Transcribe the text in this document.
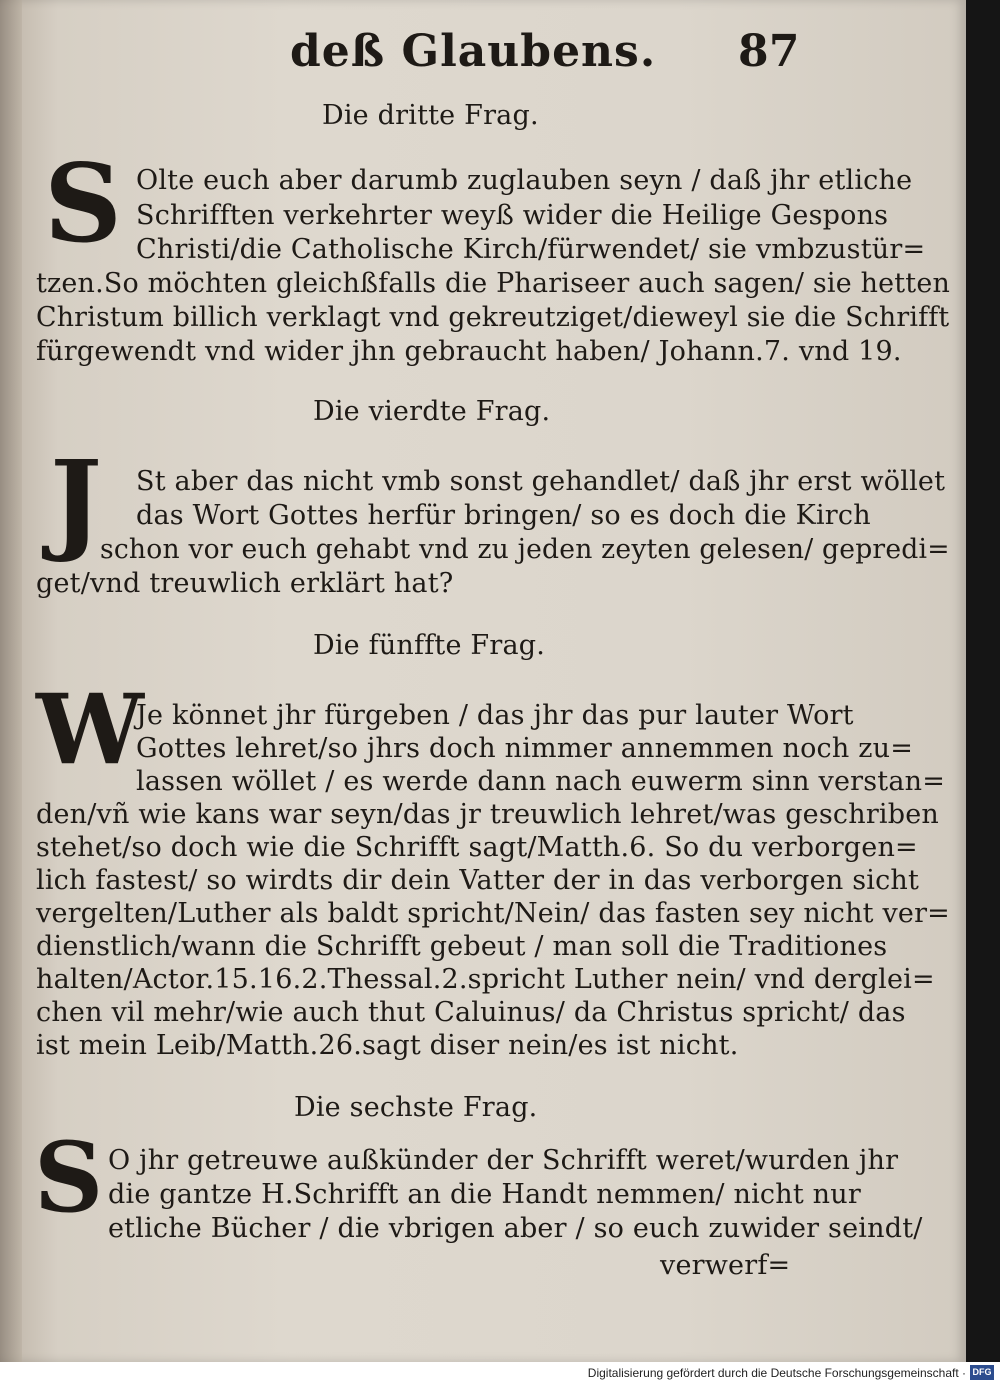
deß Glaubens. 87

Die dritte Frag.

S Olte euch aber darumb zuglauben seyn / daß jhr etliche

Schrifften verkehrter weyß wider die Heilige Gespons

Christi/die Catholische Kirch/fürwendet/ sie vmbzustür=

tzen.So möchten gleichßfalls die Phariseer auch sagen/ sie hetten

Christum billich verklagt vnd gekreutziget/dieweyl sie die Schrifft

fürgewendt vnd wider jhn gebraucht haben/ Johann.7. vnd 19.

Die vierdte Frag.

J St aber das nicht vmb sonst gehandlet/ daß jhr erst wöllet

das Wort Gottes herfür bringen/ so es doch die Kirch

schon vor euch gehabt vnd zu jeden zeyten gelesen/ gepredi=

get/vnd treuwlich erklärt hat?

Die fünffte Frag.

W

Je könnet jhr fürgeben / das jhr das pur lauter Wort

Gottes lehret/so jhrs doch nimmer annemmen noch zu=

lassen wöllet / es werde dann nach euwerm sinn verstan=

den/vñ wie kans war seyn/das jr treuwlich lehret/was geschriben

stehet/so doch wie die Schrifft sagt/Matth.6. So du verborgen=

lich fastest/ so wirdts dir dein Vatter der in das verborgen sicht

vergelten/Luther als baldt spricht/Nein/ das fasten sey nicht ver=

dienstlich/wann die Schrifft gebeut / man soll die Traditiones

halten/Actor.15.16.2.Thessal.2.spricht Luther nein/ vnd derglei=

chen vil mehr/wie auch thut Caluinus/ da Christus spricht/ das

ist mein Leib/Matth.26.sagt diser nein/es ist nicht.

Die sechste Frag.

S O jhr getreuwe außkünder der Schrifft weret/wurden jhr

die gantze H.Schrifft an die Handt nemmen/ nicht nur

etliche Bücher / die vbrigen aber / so euch zuwider seindt/

verwerf=

Digitalisierung gefördert durch die Deutsche Forschungsgemeinschaft · DFG
